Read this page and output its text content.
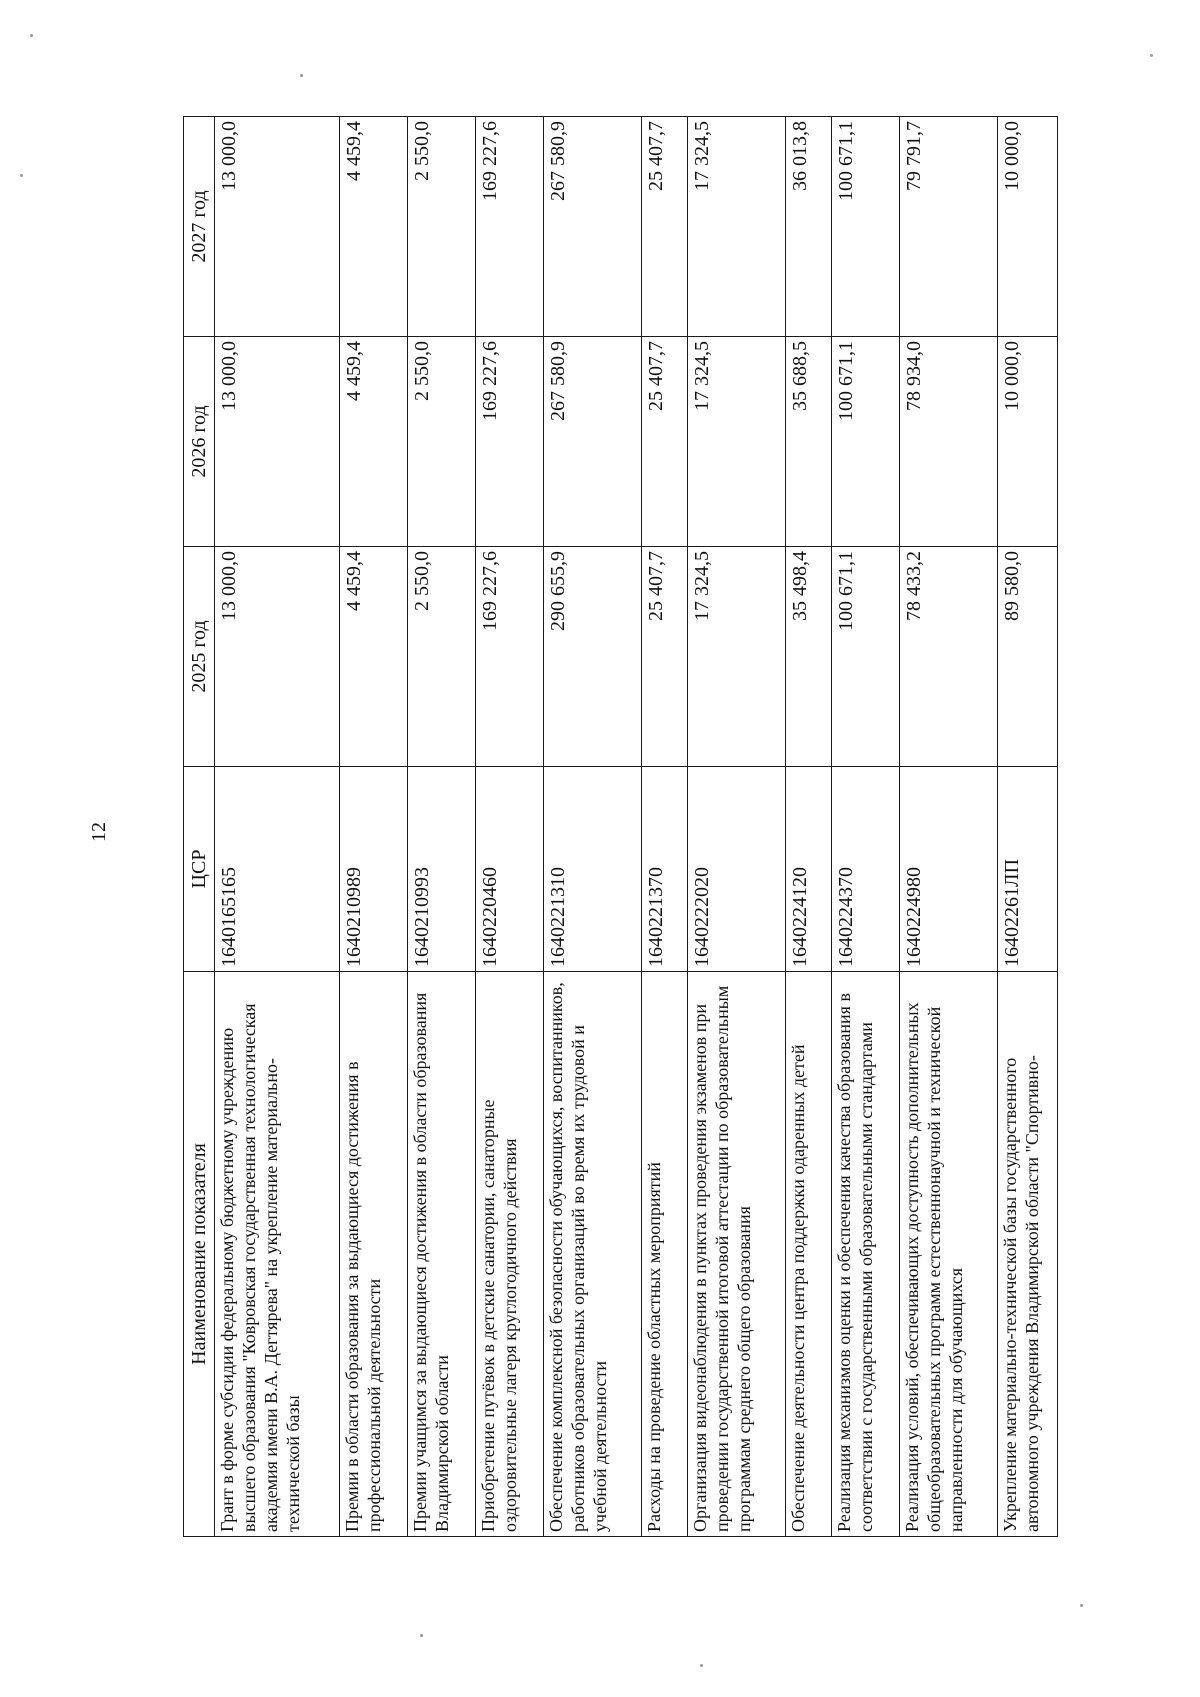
12
Наименование показателя	ЦСР	2025 год	2026 год	2027 год
Грант в форме субсидии федеральному бюджетному учреждению высшего образования "Ковровская государственная технологическая академия имени В.А. Дегтярева" на укрепление материально-технической базы	1640165165	13 000,0	13 000,0	13 000,0
Премии в области образования за выдающиеся достижения в профессиональной деятельности	1640210989	4 459,4	4 459,4	4 459,4
Премии учащимся за выдающиеся достижения в области образования Владимирской области	1640210993	2 550,0	2 550,0	2 550,0
Приобретение путёвок в детские санатории, санаторные оздоровительные лагеря круглогодичного действия	1640220460	169 227,6	169 227,6	169 227,6
Обеспечение комплексной безопасности обучающихся, воспитанников, работников образовательных организаций во время их трудовой и учебной деятельности	1640221310	290 655,9	267 580,9	267 580,9
Расходы на проведение областных мероприятий	1640221370	25 407,7	25 407,7	25 407,7
Организация видеонаблюдения в пунктах проведения экзаменов при проведении государственной итоговой аттестации по образовательным программам среднего общего образования	1640222020	17 324,5	17 324,5	17 324,5
Обеспечение деятельности центра поддержки одаренных детей	1640224120	35 498,4	35 688,5	36 013,8
Реализация механизмов оценки и обеспечения качества образования в соответствии с государственными образовательными стандартами	1640224370	100 671,1	100 671,1	100 671,1
Реализация условий, обеспечивающих доступность дополнительных общеобразовательных программ естественнонаучной и технической направленности для обучающихся	1640224980	78 433,2	78 934,0	79 791,7
Укрепление материально-технической базы государственного автономного учреждения Владимирской области "Спортивно-	16402261ЛП	89 580,0	10 000,0	10 000,0
